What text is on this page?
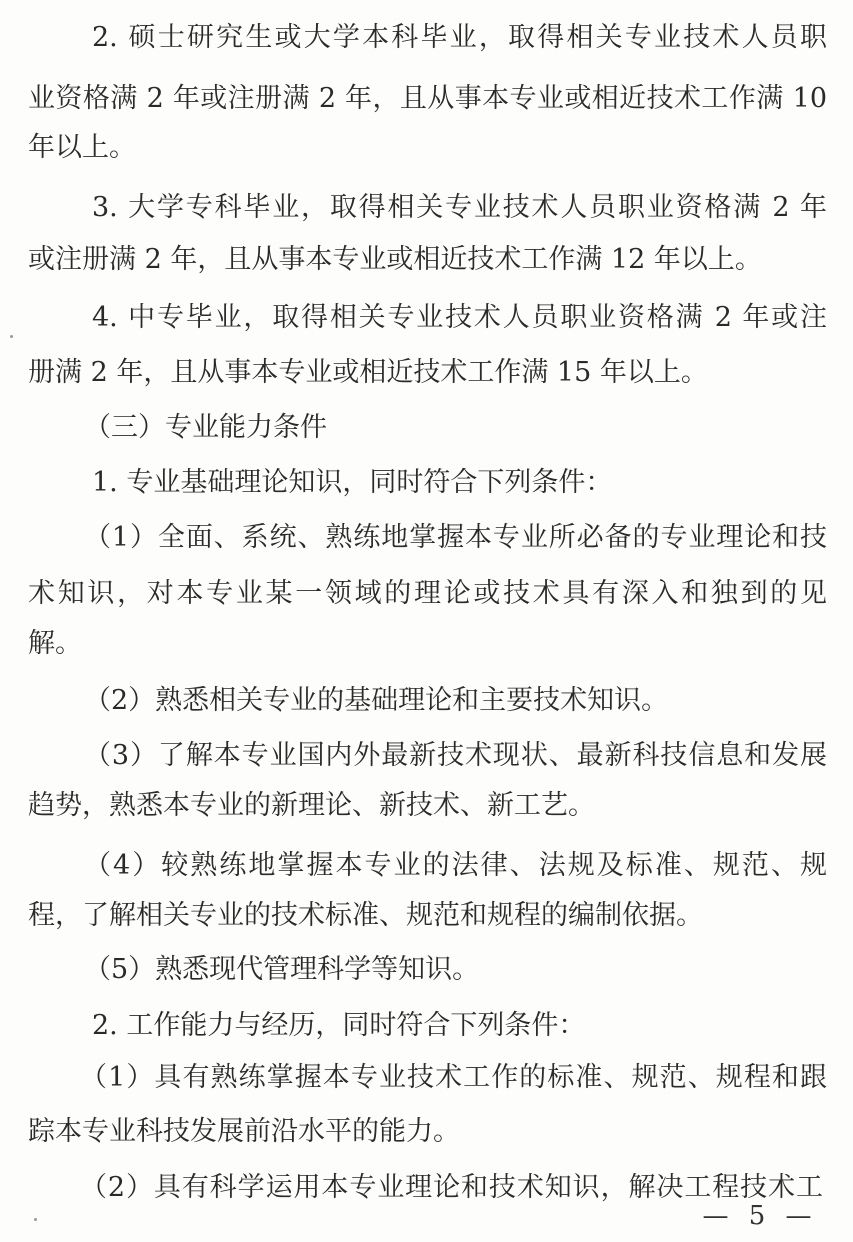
2. 硕士研究生或大学本科毕业，取得相关专业技术人员职
业资格满 2 年或注册满 2 年，且从事本专业或相近技术工作满 10
年以上。
3. 大学专科毕业，取得相关专业技术人员职业资格满 2 年
或注册满 2 年，且从事本专业或相近技术工作满 12 年以上。
4. 中专毕业，取得相关专业技术人员职业资格满 2 年或注
册满 2 年，且从事本专业或相近技术工作满 15 年以上。
（三）专业能力条件
1. 专业基础理论知识，同时符合下列条件：
（1）全面、系统、熟练地掌握本专业所必备的专业理论和技
术知识，对本专业某一领域的理论或技术具有深入和独到的见
解。
（2）熟悉相关专业的基础理论和主要技术知识。
（3）了解本专业国内外最新技术现状、最新科技信息和发展
趋势，熟悉本专业的新理论、新技术、新工艺。
（4）较熟练地掌握本专业的法律、法规及标准、规范、规
程，了解相关专业的技术标准、规范和规程的编制依据。
（5）熟悉现代管理科学等知识。
2. 工作能力与经历，同时符合下列条件：
（1）具有熟练掌握本专业技术工作的标准、规范、规程和跟
踪本专业科技发展前沿水平的能力。
（2）具有科学运用本专业理论和技术知识，解决工程技术工
— 5 —
